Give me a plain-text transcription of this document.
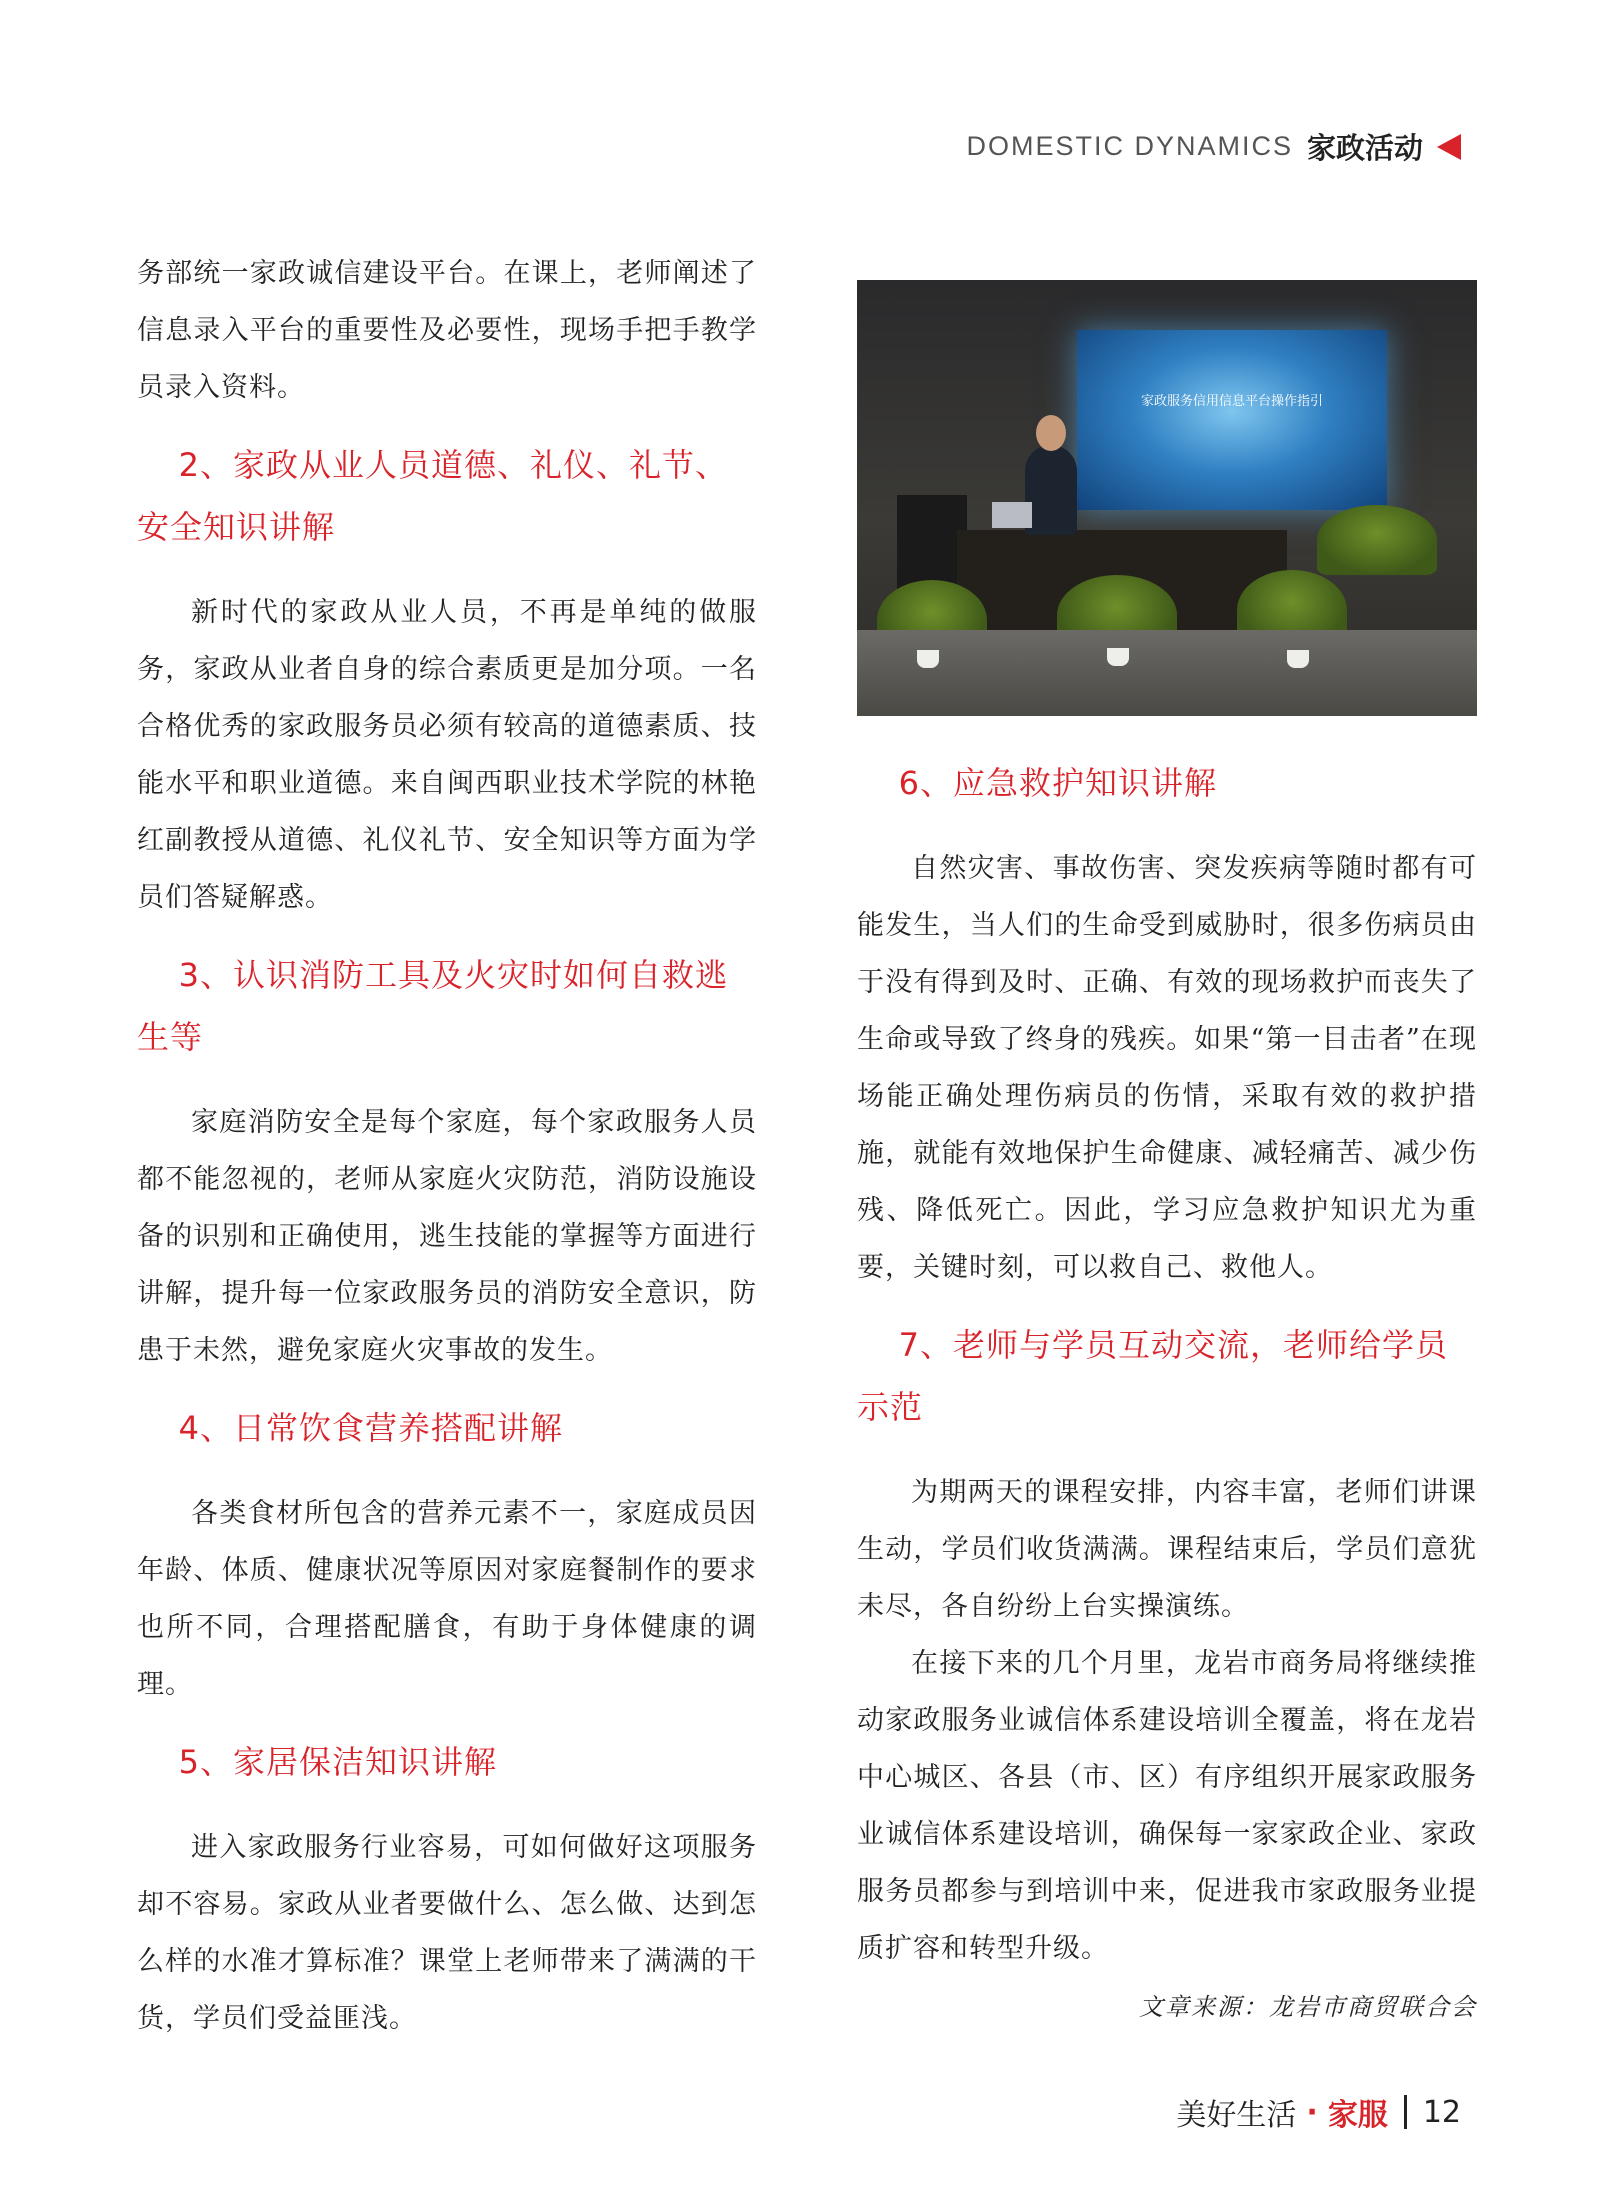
DOMESTIC DYNAMICS 家政活动

务部统一家政诚信建设平台。在课上，老师阐述了信息录入平台的重要性及必要性，现场手把手教学员录入资料。

2、家政从业人员道德、礼仪、礼节、安全知识讲解

新时代的家政从业人员，不再是单纯的做服务，家政从业者自身的综合素质更是加分项。一名合格优秀的家政服务员必须有较高的道德素质、技能水平和职业道德。来自闽西职业技术学院的林艳红副教授从道德、礼仪礼节、安全知识等方面为学员们答疑解惑。

3、认识消防工具及火灾时如何自救逃生等

家庭消防安全是每个家庭，每个家政服务人员都不能忽视的，老师从家庭火灾防范，消防设施设备的识别和正确使用，逃生技能的掌握等方面进行讲解，提升每一位家政服务员的消防安全意识，防患于未然，避免家庭火灾事故的发生。

4、日常饮食营养搭配讲解

各类食材所包含的营养元素不一，家庭成员因年龄、体质、健康状况等原因对家庭餐制作的要求也所不同，合理搭配膳食，有助于身体健康的调理。

5、家居保洁知识讲解

进入家政服务行业容易，可如何做好这项服务却不容易。家政从业者要做什么、怎么做、达到怎么样的水准才算标准？课堂上老师带来了满满的干货，学员们受益匪浅。

家政服务信用信息平台操作指引
6、应急救护知识讲解

自然灾害、事故伤害、突发疾病等随时都有可能发生，当人们的生命受到威胁时，很多伤病员由于没有得到及时、正确、有效的现场救护而丧失了生命或导致了终身的残疾。如果“第一目击者”在现场能正确处理伤病员的伤情，采取有效的救护措施，就能有效地保护生命健康、减轻痛苦、减少伤残、降低死亡。因此，学习应急救护知识尤为重要，关键时刻，可以救自己、救他人。

7、老师与学员互动交流，老师给学员示范

为期两天的课程安排，内容丰富，老师们讲课生动，学员们收货满满。课程结束后，学员们意犹未尽，各自纷纷上台实操演练。

在接下来的几个月里，龙岩市商务局将继续推动家政服务业诚信体系建设培训全覆盖，将在龙岩中心城区、各县（市、区）有序组织开展家政服务业诚信体系建设培训，确保每一家家政企业、家政服务员都参与到培训中来，促进我市家政服务业提质扩容和转型升级。

文章来源：龙岩市商贸联合会
美好生活 · 家服 12
